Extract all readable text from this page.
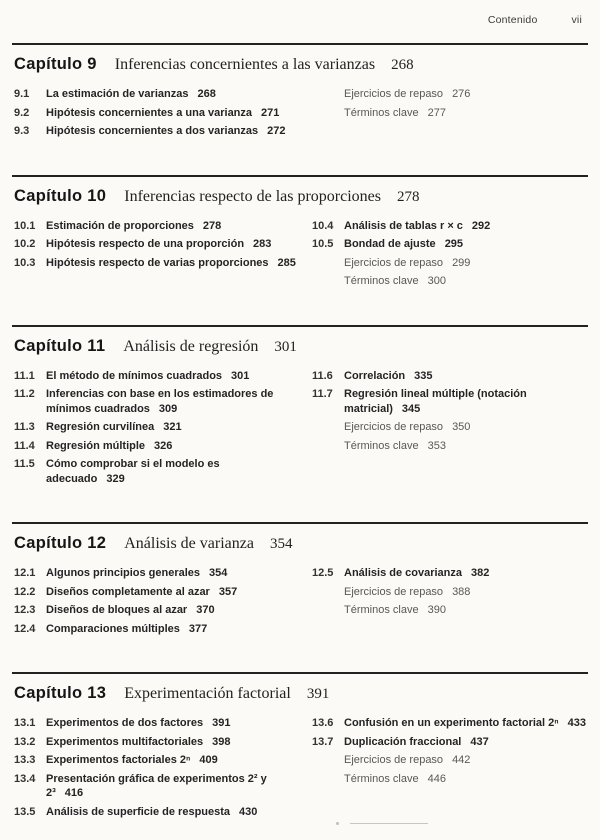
Contenido	vii
Capítulo 9 Inferencias concernientes a las varianzas 268
9.1	La estimación de varianzas 268
9.2	Hipótesis concernientes a una varianza 271
9.3	Hipótesis concernientes a dos varianzas 272
Ejercicios de repaso 276
Términos clave 277
Capítulo 10 Inferencias respecto de las proporciones 278
10.1 Estimación de proporciones 278
10.2 Hipótesis respecto de una proporción 283
10.3 Hipótesis respecto de varias proporciones 285
10.4 Análisis de tablas r × c 292
10.5 Bondad de ajuste 295
Ejercicios de repaso 299
Términos clave 300
Capítulo 11 Análisis de regresión 301
11.1	El método de mínimos cuadrados 301
11.2	Inferencias con base en los estimadores de mínimos cuadrados 309
11.3	Regresión curvilínea 321
11.4	Regresión múltiple 326
11.5	Cómo comprobar si el modelo es adecuado 329
11.6	Correlación 335
11.7	Regresión lineal múltiple (notación matricial) 345
Ejercicios de repaso 350
Términos clave 353
Capítulo 12 Análisis de varianza 354
12.1 Algunos principios generales 354
12.2 Diseños completamente al azar 357
12.3 Diseños de bloques al azar 370
12.4 Comparaciones múltiples 377
12.5 Análisis de covarianza 382
Ejercicios de repaso 388
Términos clave 390
Capítulo 13 Experimentación factorial 391
13.1 Experimentos de dos factores 391
13.2 Experimentos multifactoriales 398
13.3 Experimentos factoriales 2ⁿ 409
13.4 Presentación gráfica de experimentos 2² y 2³ 416
13.5 Análisis de superficie de respuesta 430
13.6 Confusión en un experimento factorial 2ⁿ 433
13.7 Duplicación fraccional 437
Ejercicios de repaso 442
Términos clave 446
